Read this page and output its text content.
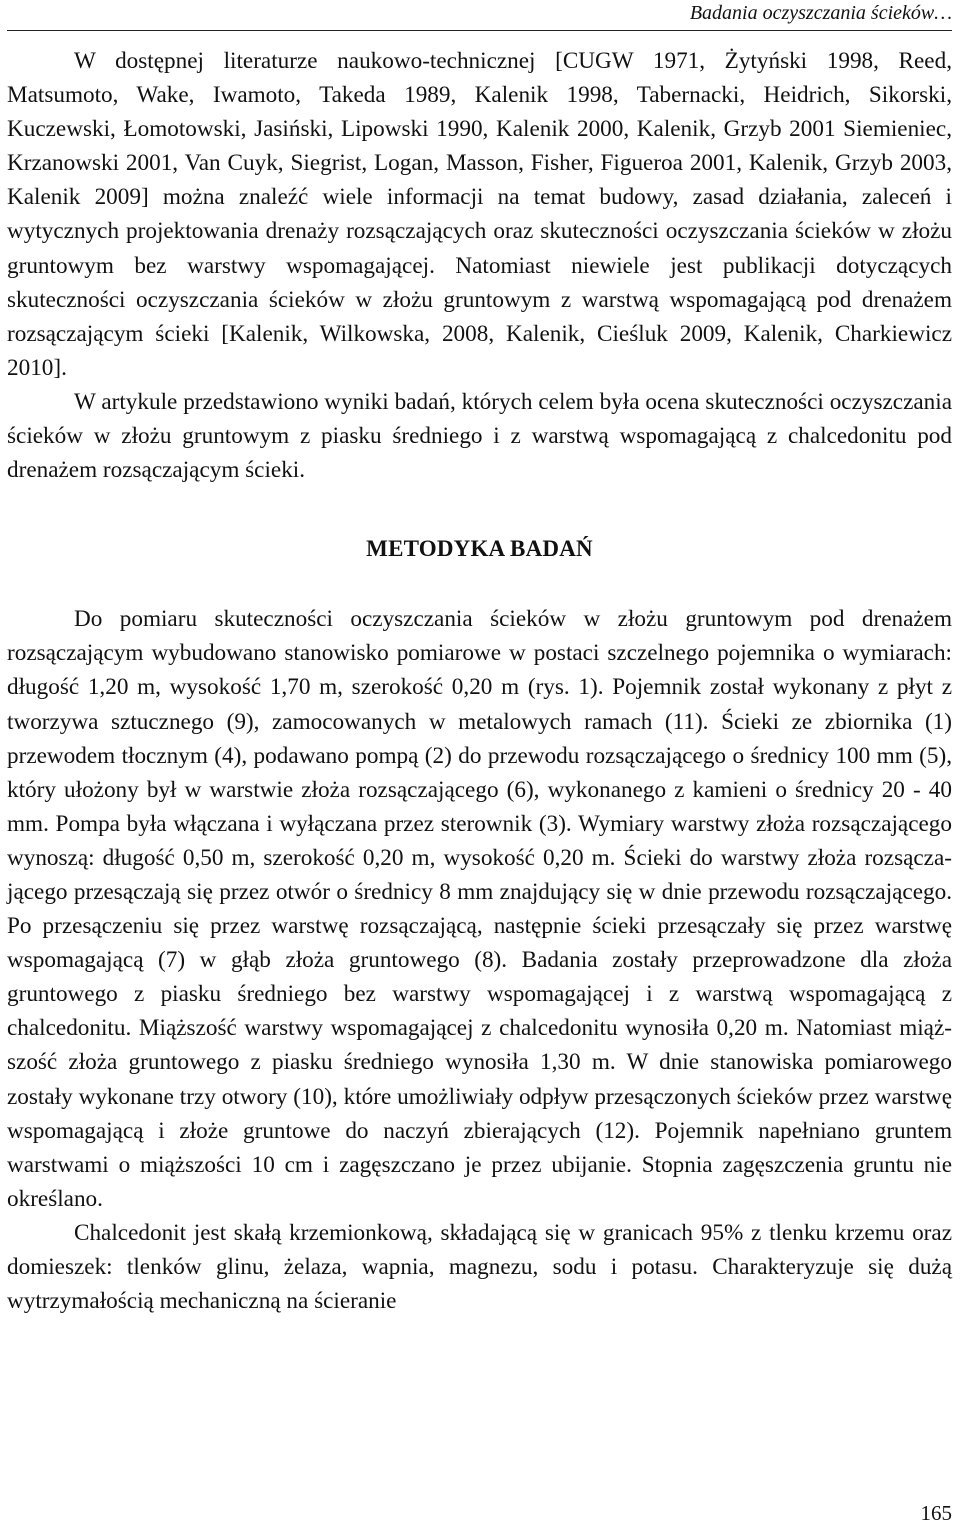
Badania oczyszczania ścieków…

W dostępnej literaturze naukowo-technicznej [CUGW 1971, Żytyński 1998, Reed, Matsumoto, Wake, Iwamoto, Takeda 1989, Kalenik 1998, Tabernacki, Heidrich, Sikorski, Kuczewski, Łomotowski, Jasiński, Lipowski 1990, Kalenik 2000, Kalenik, Grzyb 2001 Siemieniec, Krzanowski 2001, Van Cuyk, Siegrist, Logan, Masson, Fisher, Figueroa 2001, Kalenik, Grzyb 2003, Kalenik 2009] można znaleźć wiele informacji na temat budowy, zasad działania, zaleceń i wytycznych projektowania drenaży rozsączających oraz skuteczności oczyszczania ścieków w złożu gruntowym bez warstwy wspomagającej. Natomiast niewiele jest publikacji dotyczących skuteczności oczyszczania ścieków w złożu gruntowym z warstwą wspomagającą pod drenażem rozsączającym ścieki [Kalenik, Wilkowska, 2008, Kalenik, Cieśluk 2009, Kalenik, Charkiewicz 2010].

W artykule przedstawiono wyniki badań, których celem była ocena skuteczności oczyszczania ścieków w złożu gruntowym z piasku średniego i z warstwą wspomagającą z chalcedonitu pod drenażem rozsączającym ścieki.

METODYKA BADAŃ

Do pomiaru skuteczności oczyszczania ścieków w złożu gruntowym pod drenażem rozsączającym wybudowano stanowisko pomiarowe w postaci szczelnego pojemnika o wymiarach: długość 1,20 m, wysokość 1,70 m, szerokość 0,20 m (rys. 1). Pojemnik został wykonany z płyt z tworzywa sztucznego (9), zamocowanych w metalowych ramach (11). Ścieki ze zbiornika (1) przewodem tłocznym (4), podawano pompą (2) do przewodu rozsączającego o średnicy 100 mm (5), który ułożony był w warstwie złoża rozsączającego (6), wykonanego z kamieni o średnicy 20 - 40 mm. Pompa była włączana i wyłączana przez sterownik (3). Wymiary warstwy złoża rozsączającego wynoszą: długość 0,50 m, szerokość 0,20 m, wysokość 0,20 m. Ścieki do warstwy złoża rozsączającego przesączają się przez otwór o średnicy 8 mm znajdujący się w dnie przewodu rozsączającego. Po przesączeniu się przez warstwę rozsączającą, następnie ścieki przesączały się przez warstwę wspomagającą (7) w głąb złoża gruntowego (8). Badania zostały przeprowadzone dla złoża gruntowego z piasku średniego bez warstwy wspomagającej i z warstwą wspomagającą z chalcedonitu. Miąższość warstwy wspomagającej z chalcedonitu wynosiła 0,20 m. Natomiast miąższość złoża gruntowego z piasku średniego wynosiła 1,30 m. W dnie stanowiska pomiarowego zostały wykonane trzy otwory (10), które umożliwiały odpływ przesączonych ścieków przez warstwę wspomagającą i złoże gruntowe do naczyń zbierających (12). Pojemnik napełniano gruntem warstwami o miąższości 10 cm i zagęszczano je przez ubijanie. Stopnia zagęszczenia gruntu nie określano.

Chalcedonit jest skałą krzemionkową, składającą się w granicach 95% z tlenku krzemu oraz domieszek: tlenków glinu, żelaza, wapnia, magnezu, sodu i potasu. Charakteryzuje się dużą wytrzymałością mechaniczną na ścieranie

165
